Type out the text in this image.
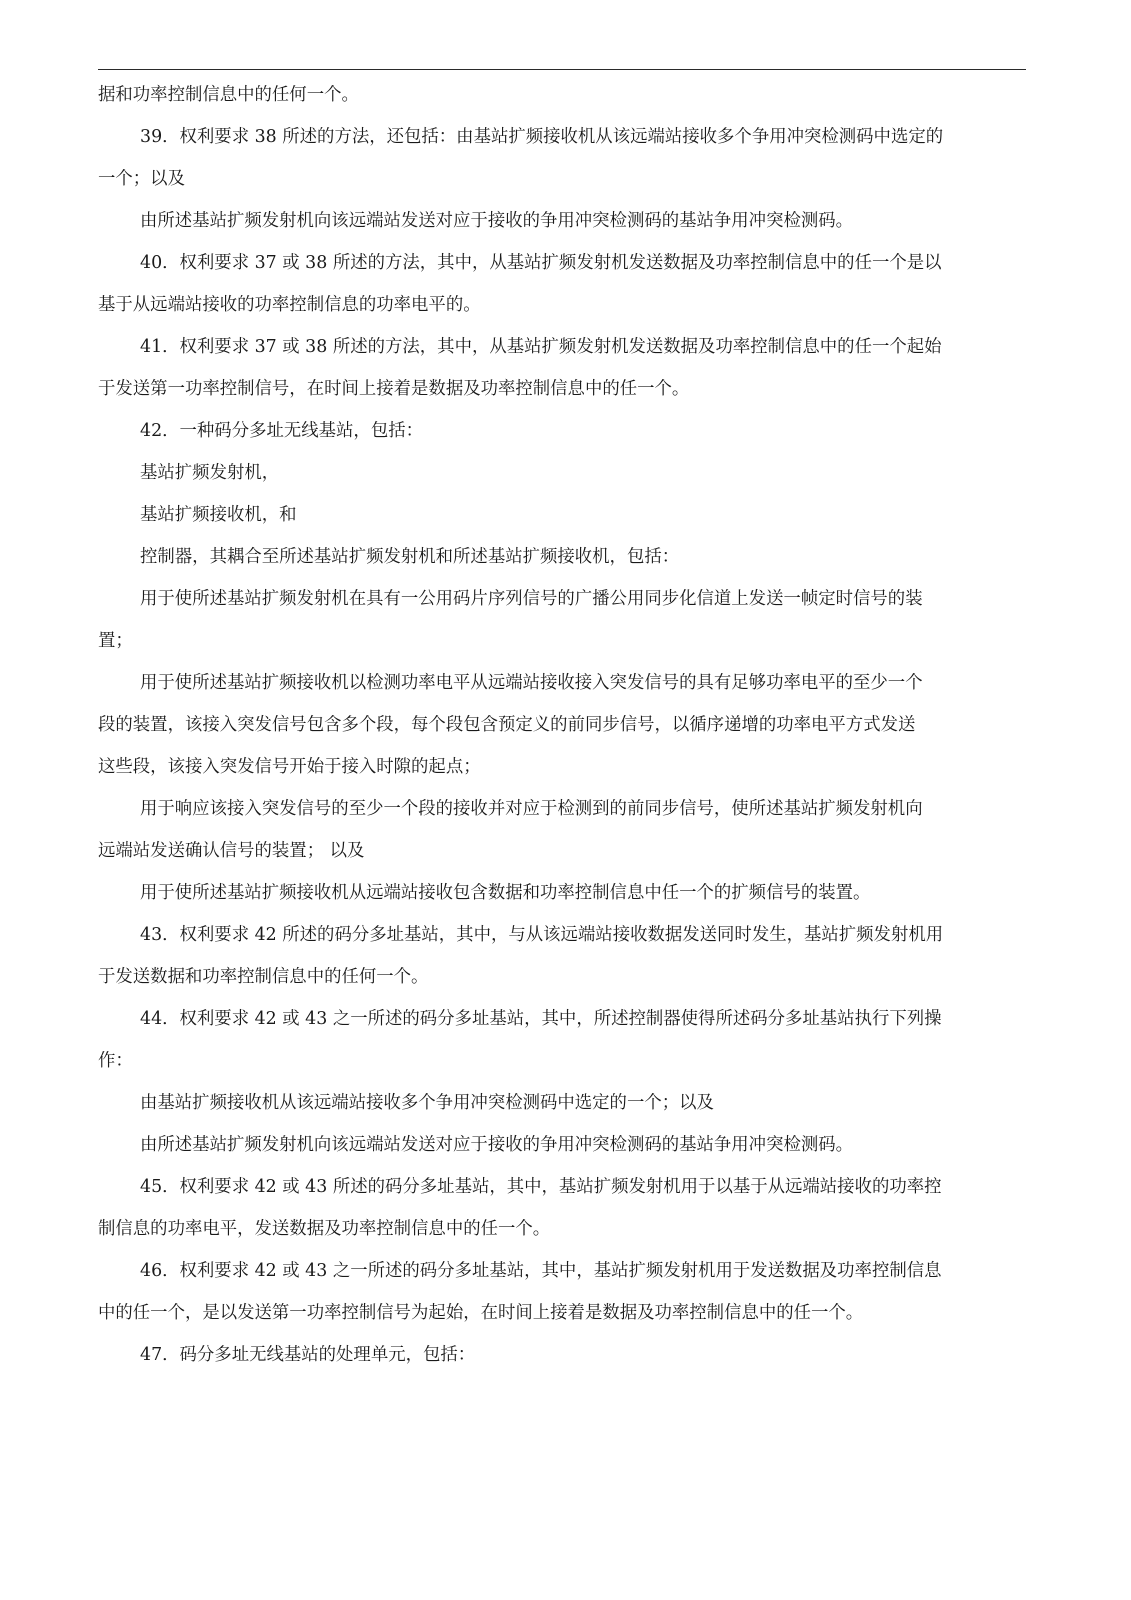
据和功率控制信息中的任何一个。
39．权利要求 38 所述的方法，还包括：由基站扩频接收机从该远端站接收多个争用冲突检测码中选定的
一个；以及
由所述基站扩频发射机向该远端站发送对应于接收的争用冲突检测码的基站争用冲突检测码。
40．权利要求 37 或 38 所述的方法，其中，从基站扩频发射机发送数据及功率控制信息中的任一个是以
基于从远端站接收的功率控制信息的功率电平的。
41．权利要求 37 或 38 所述的方法，其中，从基站扩频发射机发送数据及功率控制信息中的任一个起始
于发送第一功率控制信号，在时间上接着是数据及功率控制信息中的任一个。
42．一种码分多址无线基站，包括：
基站扩频发射机，
基站扩频接收机，和
控制器，其耦合至所述基站扩频发射机和所述基站扩频接收机，包括：
用于使所述基站扩频发射机在具有一公用码片序列信号的广播公用同步化信道上发送一帧定时信号的装
置；
用于使所述基站扩频接收机以检测功率电平从远端站接收接入突发信号的具有足够功率电平的至少一个
段的装置，该接入突发信号包含多个段，每个段包含预定义的前同步信号，以循序递增的功率电平方式发送
这些段，该接入突发信号开始于接入时隙的起点；
用于响应该接入突发信号的至少一个段的接收并对应于检测到的前同步信号，使所述基站扩频发射机向
远端站发送确认信号的装置； 以及
用于使所述基站扩频接收机从远端站接收包含数据和功率控制信息中任一个的扩频信号的装置。
43．权利要求 42 所述的码分多址基站，其中，与从该远端站接收数据发送同时发生，基站扩频发射机用
于发送数据和功率控制信息中的任何一个。
44．权利要求 42 或 43 之一所述的码分多址基站，其中，所述控制器使得所述码分多址基站执行下列操
作：
由基站扩频接收机从该远端站接收多个争用冲突检测码中选定的一个；以及
由所述基站扩频发射机向该远端站发送对应于接收的争用冲突检测码的基站争用冲突检测码。
45．权利要求 42 或 43 所述的码分多址基站，其中，基站扩频发射机用于以基于从远端站接收的功率控
制信息的功率电平，发送数据及功率控制信息中的任一个。
46．权利要求 42 或 43 之一所述的码分多址基站，其中，基站扩频发射机用于发送数据及功率控制信息
中的任一个，是以发送第一功率控制信号为起始，在时间上接着是数据及功率控制信息中的任一个。
47．码分多址无线基站的处理单元，包括：
